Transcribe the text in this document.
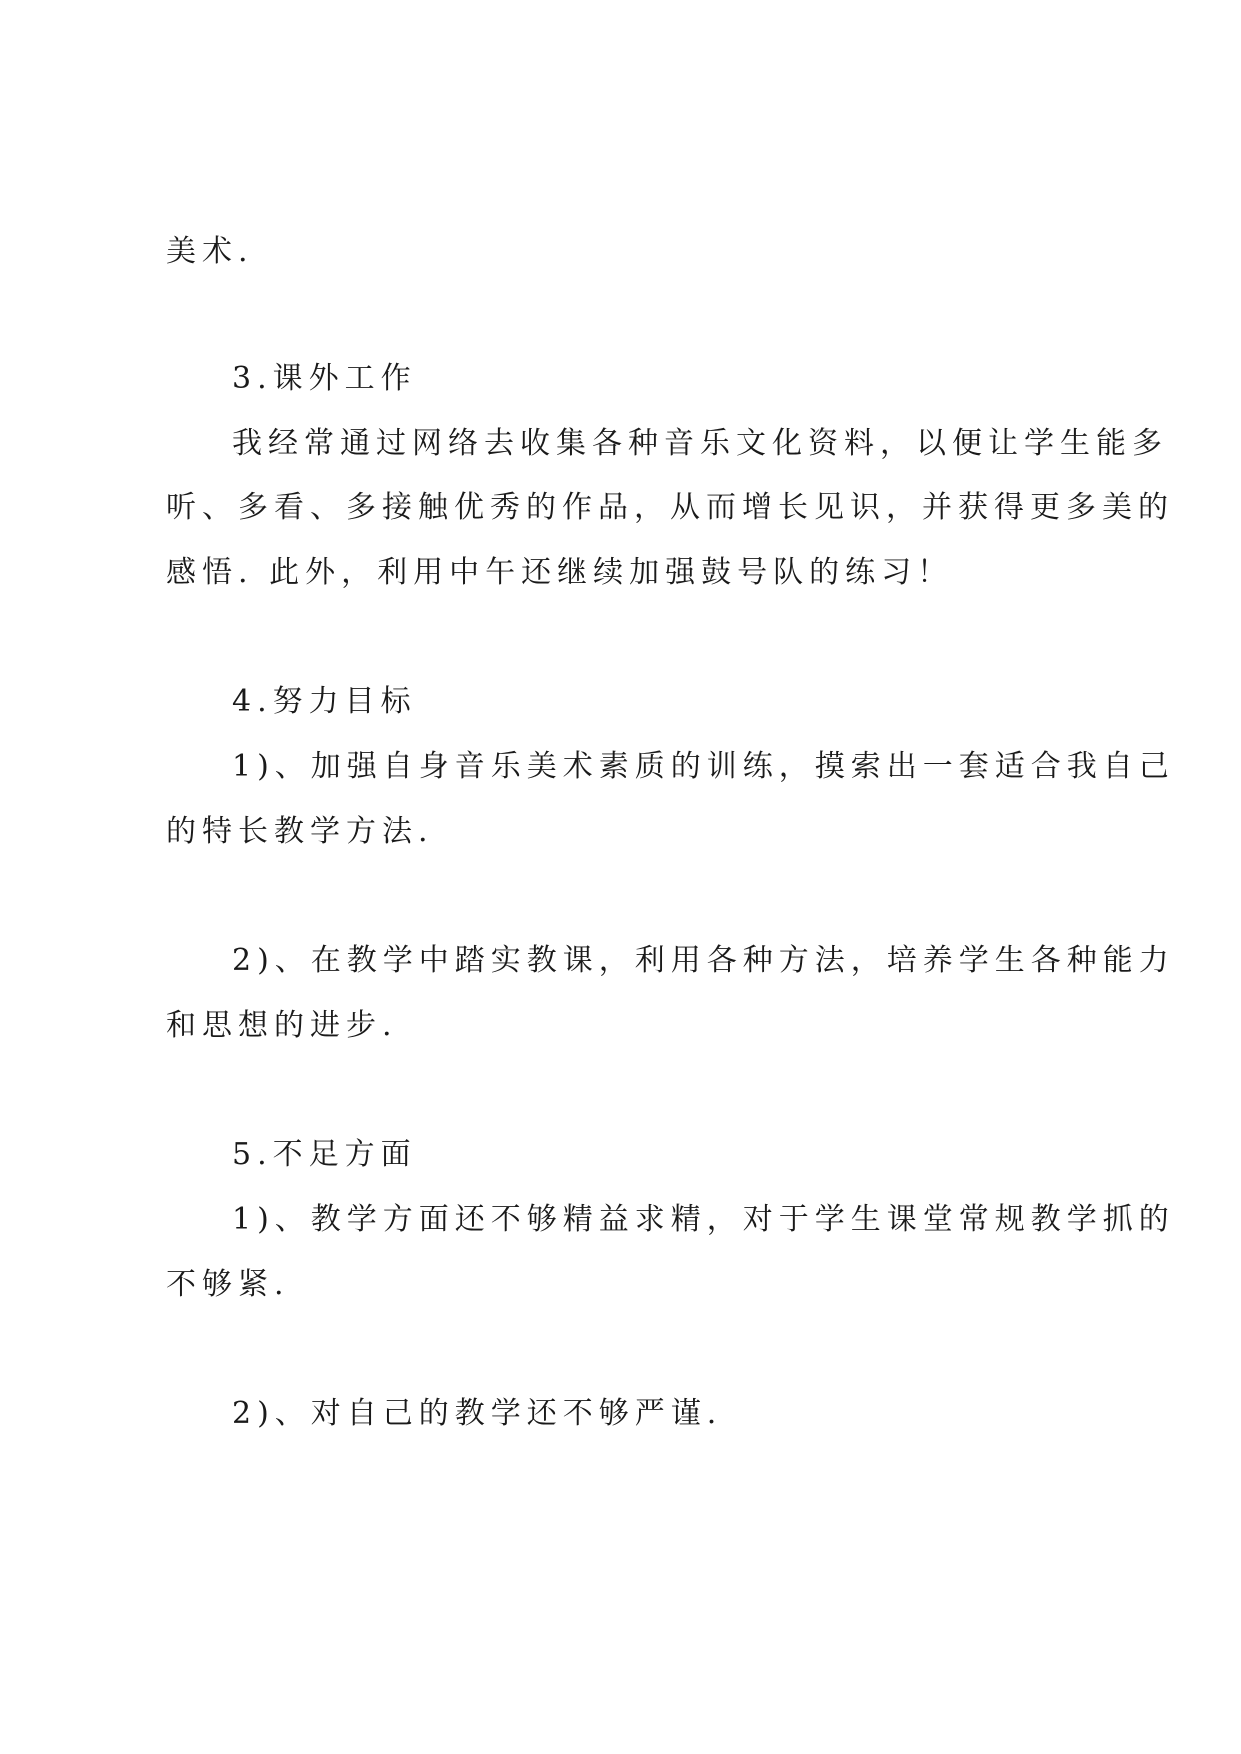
美术.
3.课外工作
我经常通过网络去收集各种音乐文化资料，以便让学生能多
听、多看、多接触优秀的作品，从而增长见识，并获得更多美的
感悟. 此外，利用中午还继续加强鼓号队的练习！
4.努力目标
1)、加强自身音乐美术素质的训练，摸索出一套适合我自己
的特长教学方法.
2)、在教学中踏实教课，利用各种方法，培养学生各种能力
和思想的进步.
5.不足方面
1)、教学方面还不够精益求精，对于学生课堂常规教学抓的
不够紧.
2)、对自己的教学还不够严谨.
